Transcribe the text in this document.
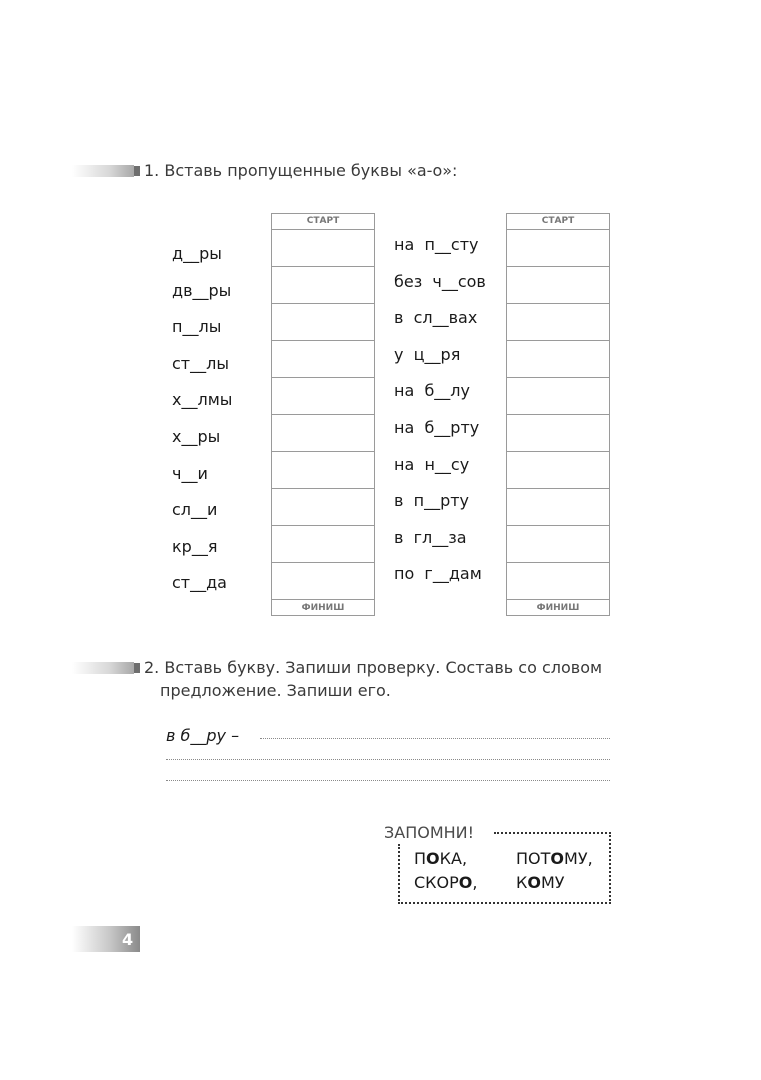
1. Вставь пропущенные буквы «а-о»:
д__ры
дв__ры
п__лы
ст__лы
х__лмы
х__ры
ч__и
сл__и
кр__я
ст__да
СТАРТ
ФИНИШ
на  п__сту
без  ч__сов
в  сл__вах
у  ц__ря
на  б__лу
на  б__рту
на  н__су
в  п__рту
в  гл__за
по  г__дам
СТАРТ
ФИНИШ
2. Вставь букву. Запиши проверку. Составь со словом
предложение. Запиши его.
в б__ру –
ЗАПОМНИ!
ПОКА,	ПОТОМУ,
СКОРО, КОМУ
4
